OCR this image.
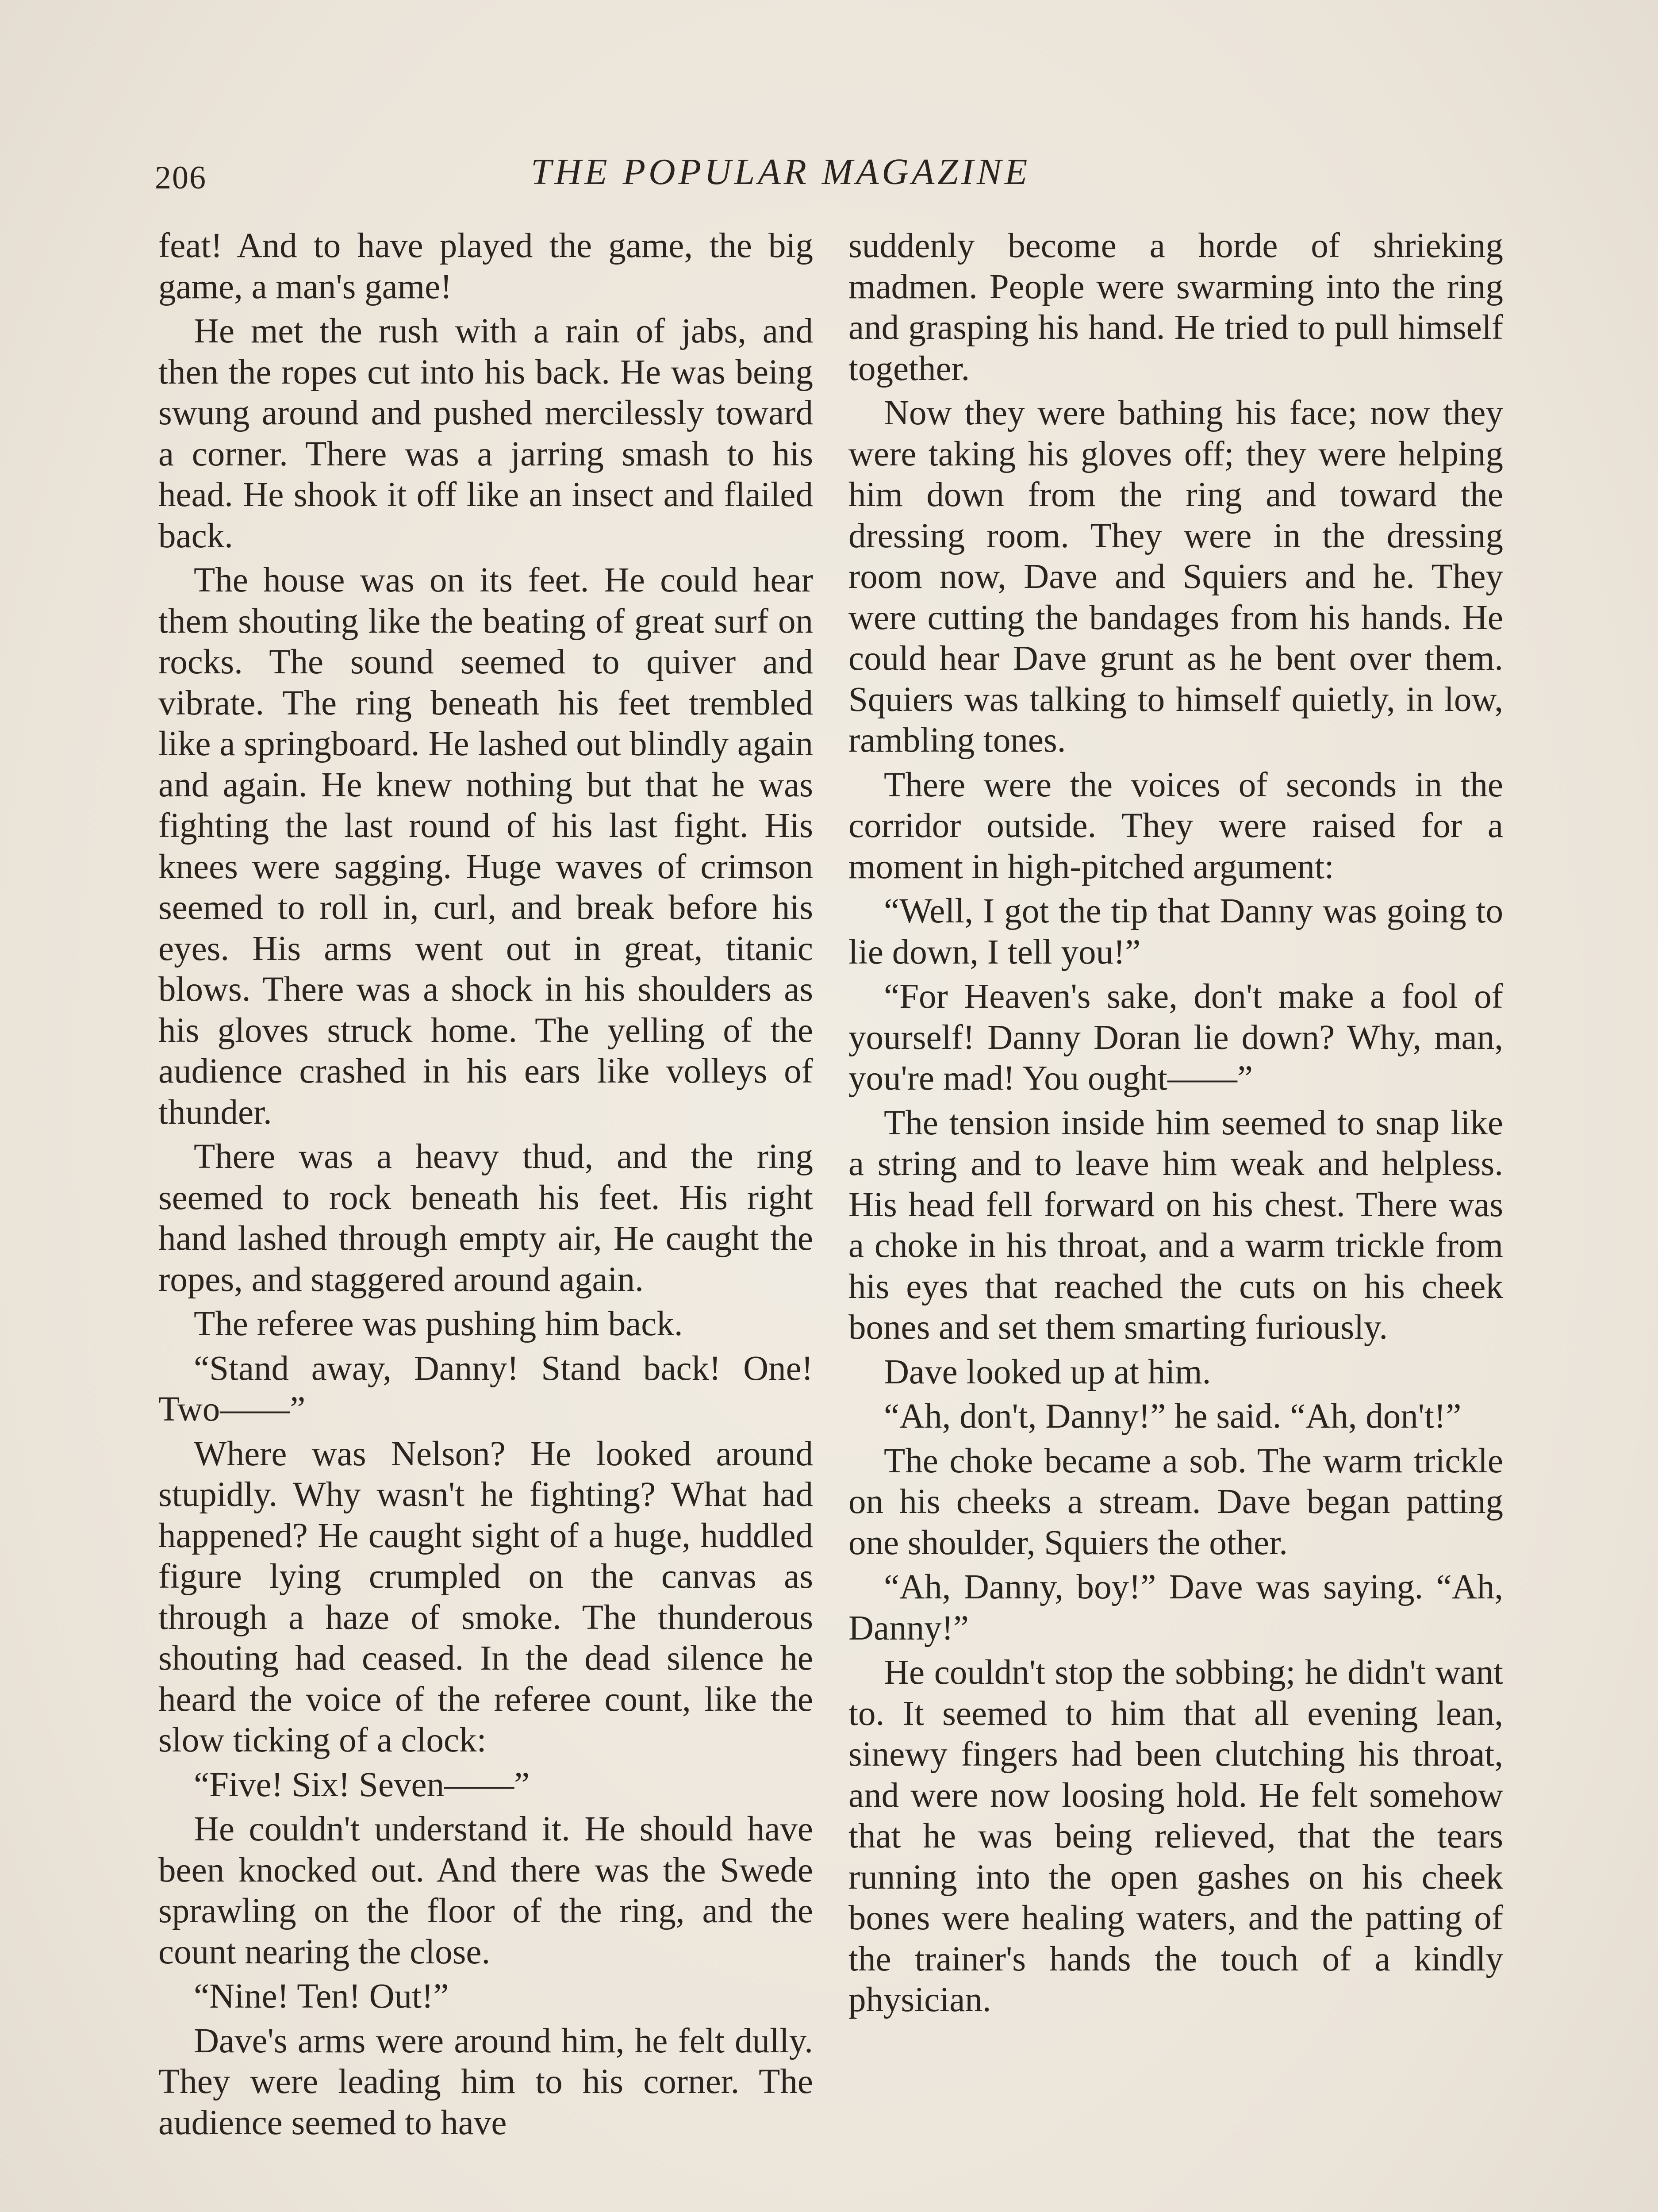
206	THE POPULAR MAGAZINE

feat! And to have played the game, the big game, a man's game!

He met the rush with a rain of jabs, and then the ropes cut into his back. He was being swung around and pushed mercilessly toward a corner. There was a jarring smash to his head. He shook it off like an insect and flailed back.

The house was on its feet. He could hear them shouting like the beating of great surf on rocks. The sound seemed to quiver and vibrate. The ring beneath his feet trembled like a springboard. He lashed out blindly again and again. He knew nothing but that he was fighting the last round of his last fight. His knees were sagging. Huge waves of crimson seemed to roll in, curl, and break before his eyes. His arms went out in great, titanic blows. There was a shock in his shoulders as his gloves struck home. The yelling of the audience crashed in his ears like volleys of thunder.

There was a heavy thud, and the ring seemed to rock beneath his feet. His right hand lashed through empty air, He caught the ropes, and staggered around again.

The referee was pushing him back.

“Stand away, Danny! Stand back! One! Two——”

Where was Nelson? He looked around stupidly. Why wasn't he fighting? What had happened? He caught sight of a huge, huddled figure lying crumpled on the canvas as through a haze of smoke. The thunderous shouting had ceased. In the dead silence he heard the voice of the referee count, like the slow ticking of a clock:

“Five! Six! Seven——”

He couldn't understand it. He should have been knocked out. And there was the Swede sprawling on the floor of the ring, and the count nearing the close.

“Nine! Ten! Out!”

Dave's arms were around him, he felt dully. They were leading him to his corner. The audience seemed to have

suddenly become a horde of shrieking madmen. People were swarming into the ring and grasping his hand. He tried to pull himself together.

Now they were bathing his face; now they were taking his gloves off; they were helping him down from the ring and toward the dressing room. They were in the dressing room now, Dave and Squiers and he. They were cutting the bandages from his hands. He could hear Dave grunt as he bent over them. Squiers was talking to himself quietly, in low, rambling tones.

There were the voices of seconds in the corridor outside. They were raised for a moment in high-pitched argument:

“Well, I got the tip that Danny was going to lie down, I tell you!”

“For Heaven's sake, don't make a fool of yourself! Danny Doran lie down? Why, man, you're mad! You ought——”

The tension inside him seemed to snap like a string and to leave him weak and helpless. His head fell forward on his chest. There was a choke in his throat, and a warm trickle from his eyes that reached the cuts on his cheek bones and set them smarting furiously.

Dave looked up at him.

“Ah, don't, Danny!” he said. “Ah, don't!”

The choke became a sob. The warm trickle on his cheeks a stream. Dave began patting one shoulder, Squiers the other.

“Ah, Danny, boy!” Dave was saying. “Ah, Danny!”

He couldn't stop the sobbing; he didn't want to. It seemed to him that all evening lean, sinewy fingers had been clutching his throat, and were now loosing hold. He felt somehow that he was being relieved, that the tears running into the open gashes on his cheek bones were healing waters, and the patting of the trainer's hands the touch of a kindly physician.
